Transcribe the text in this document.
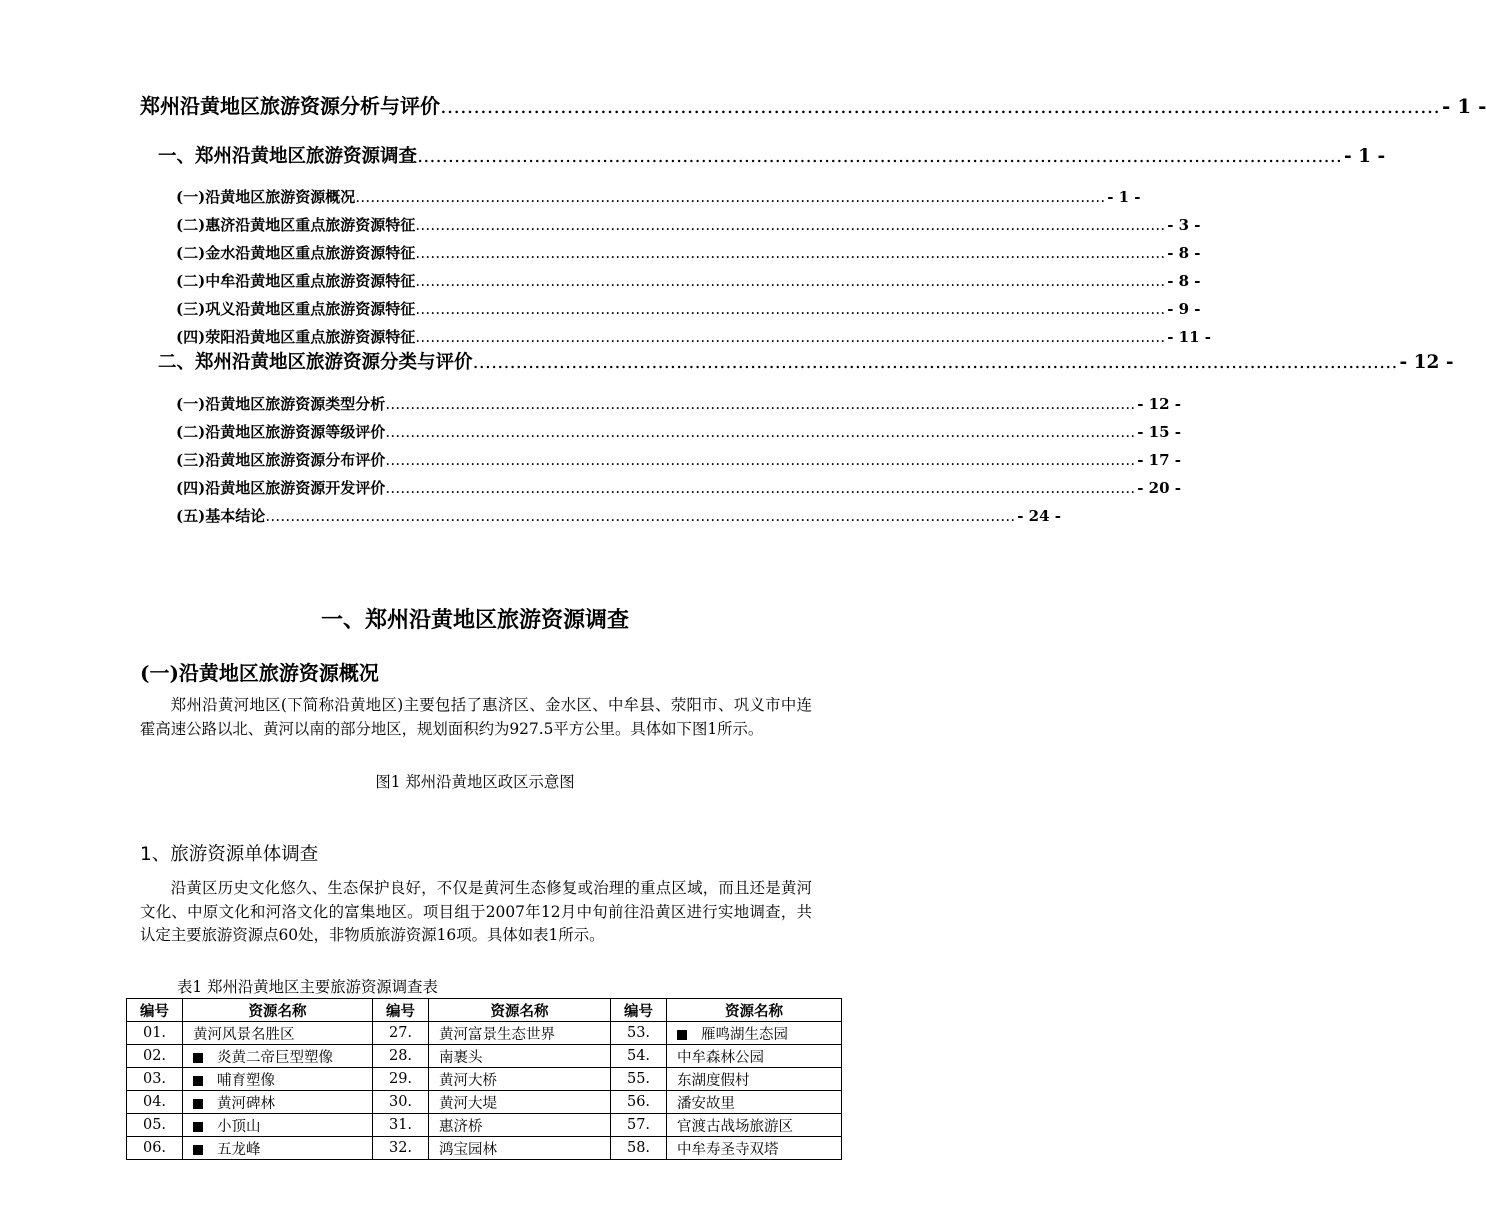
郑州沿黄地区旅游资源分析与评价 …………………………………………………………………………………………………………………………………… - 1 -
一、郑州沿黄地区旅游资源调查 …………………………………………………………………………………………………………………………………… - 1 -
(一)沿黄地区旅游资源概况 …………………………………………………………………………………………………………………………………… - 1 -
(二)惠济沿黄地区重点旅游资源特征 …………………………………………………………………………………………………………………………………… - 3 -
(二)金水沿黄地区重点旅游资源特征 …………………………………………………………………………………………………………………………………… - 8 -
(二)中牟沿黄地区重点旅游资源特征 …………………………………………………………………………………………………………………………………… - 8 -
(三)巩义沿黄地区重点旅游资源特征 …………………………………………………………………………………………………………………………………… - 9 -
(四)荥阳沿黄地区重点旅游资源特征 …………………………………………………………………………………………………………………………………… - 11 -
二、郑州沿黄地区旅游资源分类与评价 …………………………………………………………………………………………………………………………………… - 12 -
(一)沿黄地区旅游资源类型分析 …………………………………………………………………………………………………………………………………… - 12 -
(二)沿黄地区旅游资源等级评价 …………………………………………………………………………………………………………………………………… - 15 -
(三)沿黄地区旅游资源分布评价 …………………………………………………………………………………………………………………………………… - 17 -
(四)沿黄地区旅游资源开发评价 …………………………………………………………………………………………………………………………………… - 20 -
(五)基本结论 …………………………………………………………………………………………………………………………………… - 24 -
一、郑州沿黄地区旅游资源调查
(一)沿黄地区旅游资源概况
郑州沿黄河地区(下简称沿黄地区)主要包括了惠济区、金水区、中牟县、荥阳市、巩义市中连霍高速公路以北、黄河以南的部分地区，规划面积约为927.5平方公里。具体如下图1所示。
图1 郑州沿黄地区政区示意图
1、旅游资源单体调查
沿黄区历史文化悠久、生态保护良好，不仅是黄河生态修复或治理的重点区域，而且还是黄河文化、中原文化和河洛文化的富集地区。项目组于2007年12月中旬前往沿黄区进行实地调查，共认定主要旅游资源点60处，非物质旅游资源16项。具体如表1所示。
表1 郑州沿黄地区主要旅游资源调查表
编号	资源名称	编号	资源名称	编号	资源名称
01.	黄河风景名胜区	27.	黄河富景生态世界	53.	雁鸣湖生态园
02.	炎黄二帝巨型塑像	28.	南裹头	54.	中牟森林公园
03.	哺育塑像	29.	黄河大桥	55.	东湖度假村
04.	黄河碑林	30.	黄河大堤	56.	潘安故里
05.	小顶山	31.	惠济桥	57.	官渡古战场旅游区
06.	五龙峰	32.	鸿宝园林	58.	中牟寿圣寺双塔
